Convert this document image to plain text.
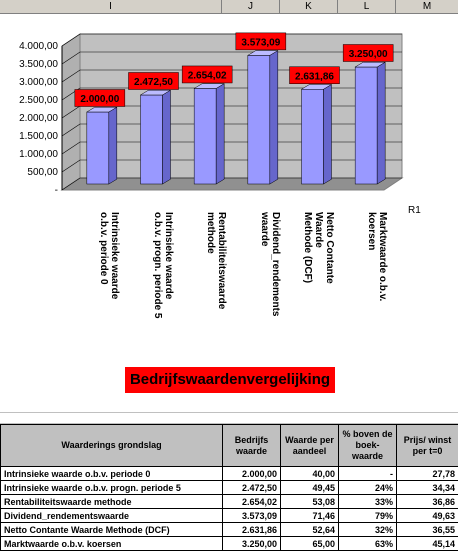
I	J	K	L	M
4.000,00
3.500,00
3.000,00
2.500,00
2.000,00
1.500,00
1.000,00
500,00
-
2.000,00
2.472,50
2.654,02
3.573,09
2.631,86
3.250,00
Intrinsieke waarde
o.b.v. periode 0
Intrinsieke waarde
o.b.v. progn. periode 5
Rentabiliteitswaarde
methode	Dividend_rendements
waarde	Netto Contante Waarde
Methode (DCF)	Marktwaarde o.b.v.
koersen
R1
Bedrijfswaardenvergelijking
Waarderings grondslag	Bedrijfs waarde	Waarde per aandeel	% boven de boek-waarde	Prijs/ winst per t=0
Intrinsieke waarde o.b.v. periode 0	2.000,00	40,00	-	27,78
Intrinsieke waarde o.b.v. progn. periode 5	2.472,50	49,45	24%	34,34
Rentabiliteitswaarde methode	2.654,02	53,08	33%	36,86
Dividend_rendementswaarde	3.573,09	71,46	79%	49,63
Netto Contante Waarde Methode (DCF)	2.631,86	52,64	32%	36,55
Marktwaarde o.b.v. koersen	3.250,00	65,00	63%	45,14
